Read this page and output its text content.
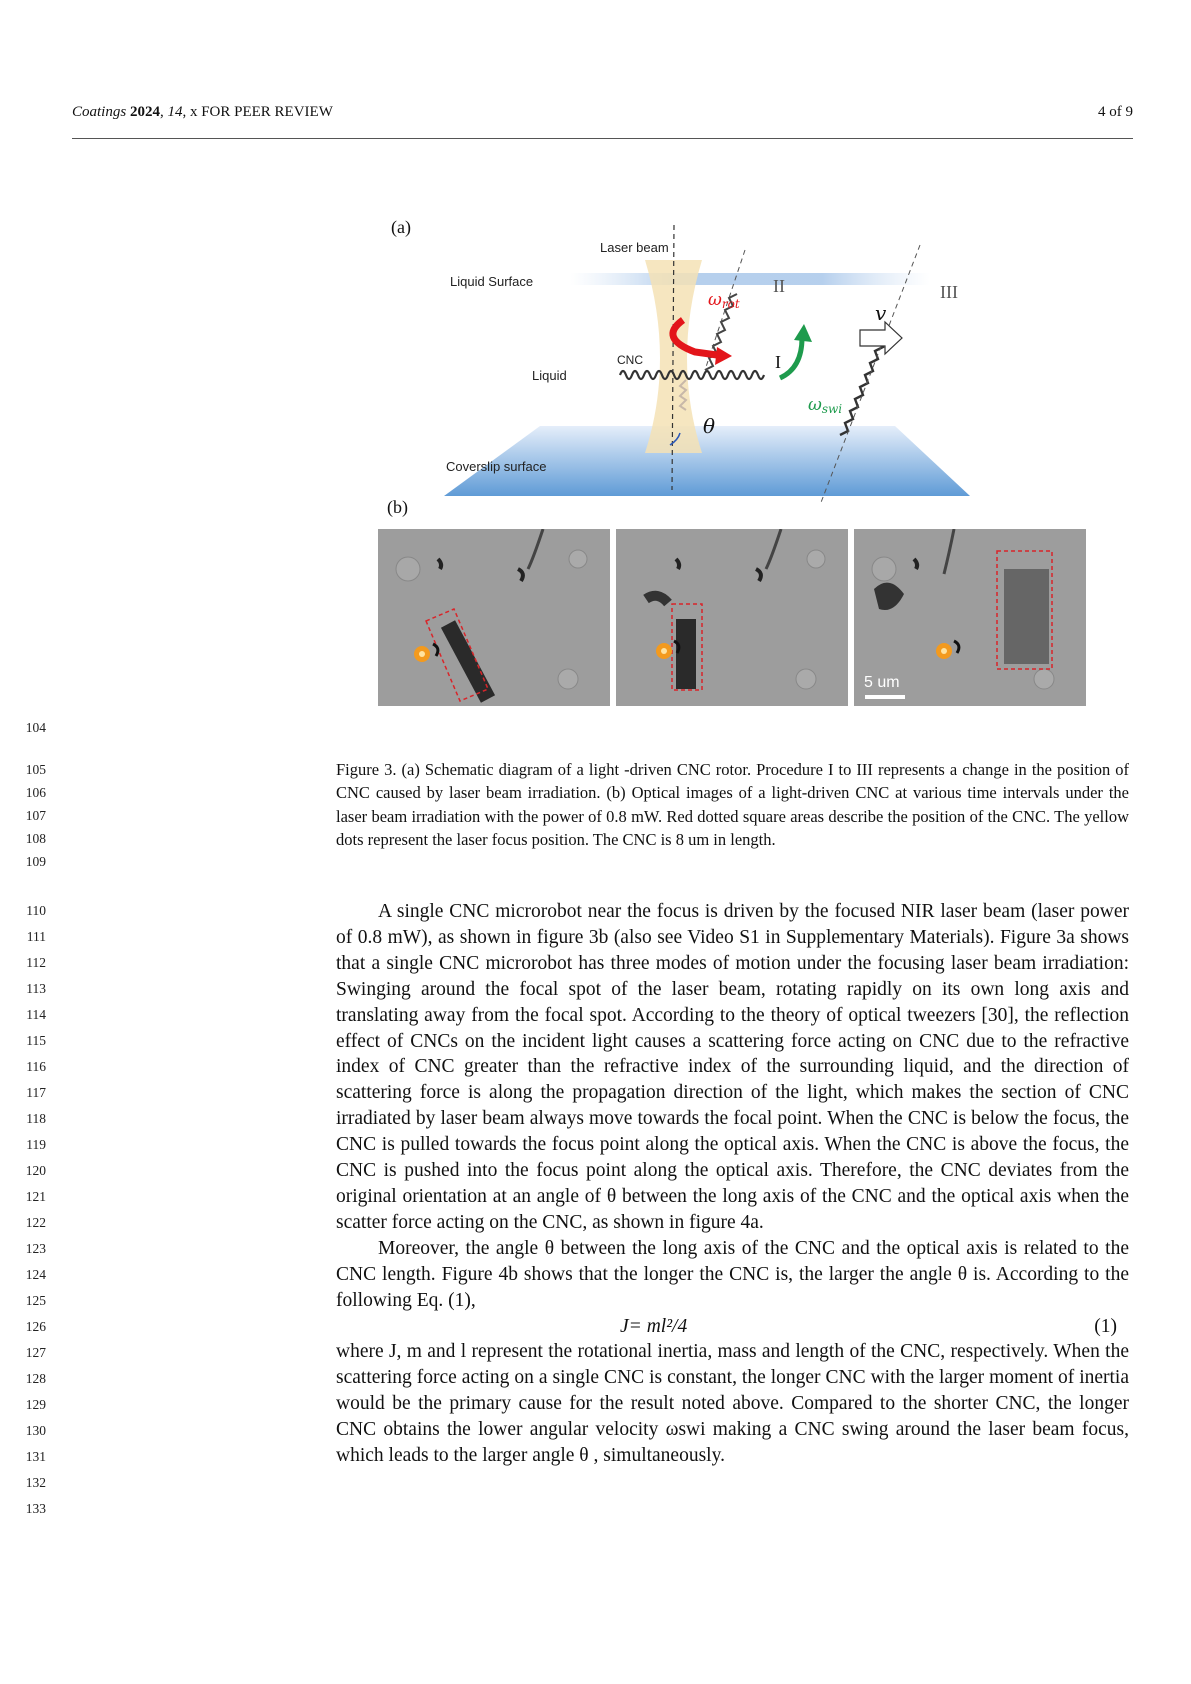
Coatings 2024, 14, x FOR PEER REVIEW	4 of 9
(a)
Laser beam
Liquid Surface
Liquid
CNC
Coverslip surface
ωrot
ωswi
θ
v
I
II	III
(b)
5 um
104
105
106
107
108
109
110
111
112
113
114
115
116
117
118
119
120
121
122
123
124
125
126
127
128
129
130
131
132
133
Figure 3. (a) Schematic diagram of a light -driven CNC rotor. Procedure I to III represents a change in the position of CNC caused by laser beam irradiation. (b) Optical images of a light-driven CNC at various time intervals under the laser beam irradiation with the power of 0.8 mW. Red dotted square areas describe the position of the CNC. The yellow dots represent the laser focus position. The CNC is 8 um in length.

A single CNC microrobot near the focus is driven by the focused NIR laser beam (laser power of 0.8 mW), as shown in figure 3b (also see Video S1 in Supplementary Materials). Figure 3a shows that a single CNC microrobot has three modes of motion under the focusing laser beam irradiation: Swinging around the focal spot of the laser beam, rotating rapidly on its own long axis and translating away from the focal spot. According to the theory of optical tweezers [30], the reflection effect of CNCs on the incident light causes a scattering force acting on CNC due to the refractive index of CNC greater than the refractive index of the surrounding liquid, and the direction of scattering force is along the propagation direction of the light, which makes the section of CNC irradiated by laser beam always move towards the focal point. When the CNC is below the focus, the CNC is pulled towards the focus point along the optical axis. When the CNC is above the focus, the CNC is pushed into the focus point along the optical axis. Therefore, the CNC deviates from the original orientation at an angle of θ between the long axis of the CNC and the optical axis when the scatter force acting on the CNC, as shown in figure 4a.

Moreover, the angle θ between the long axis of the CNC and the optical axis is related to the CNC length. Figure 4b shows that the longer the CNC is, the larger the angle θ is. According to the following Eq. (1),

J= ml²/4	(1)
where J, m and l represent the rotational inertia, mass and length of the CNC, respectively. When the scattering force acting on a single CNC is constant, the longer CNC with the larger moment of inertia would be the primary cause for the result noted above. Compared to the shorter CNC, the longer CNC obtains the lower angular velocity ωswi making a CNC swing around the laser beam focus, which leads to the larger angle θ , simultaneously.
